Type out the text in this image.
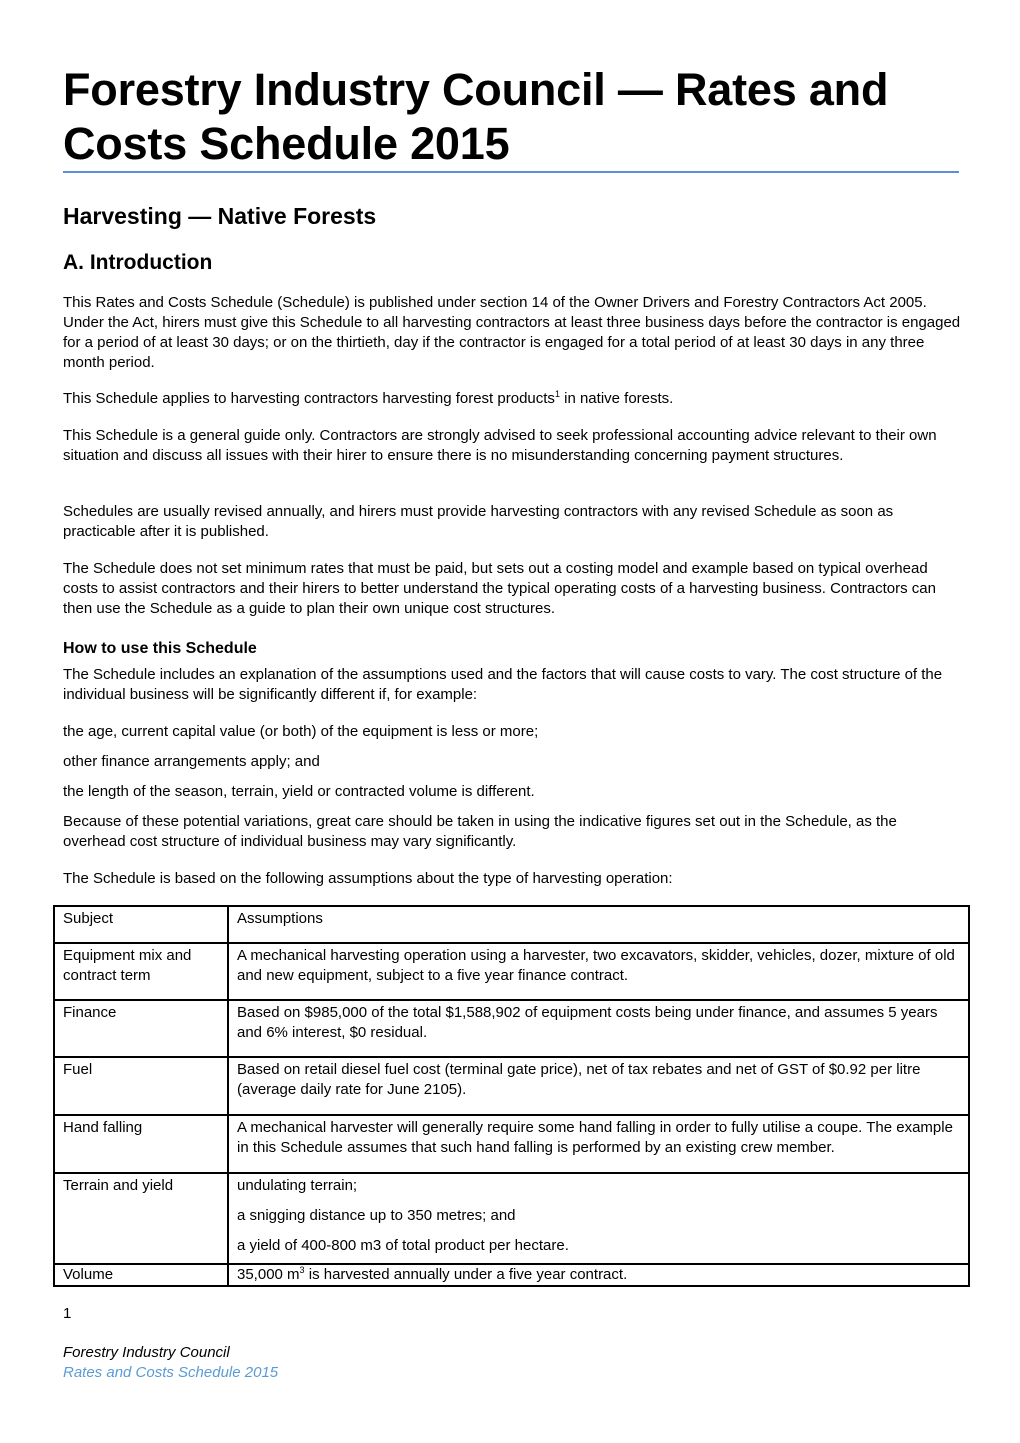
Forestry Industry Council — Rates and Costs Schedule 2015
Harvesting — Native Forests
A. Introduction

This Rates and Costs Schedule (Schedule) is published under section 14 of the Owner Drivers and Forestry Contractors Act 2005. Under the Act, hirers must give this Schedule to all harvesting contractors at least three business days before the contractor is engaged for a period of at least 30 days; or on the thirtieth, day if the contractor is engaged for a total period of at least 30 days in any three month period.

This Schedule applies to harvesting contractors harvesting forest products$^1$ in native forests.

This Schedule is a general guide only. Contractors are strongly advised to seek professional accounting advice relevant to their own situation and discuss all issues with their hirer to ensure there is no misunderstanding concerning payment structures.

Schedules are usually revised annually, and hirers must provide harvesting contractors with any revised Schedule as soon as practicable after it is published.

The Schedule does not set minimum rates that must be paid, but sets out a costing model and example based on typical overhead costs to assist contractors and their hirers to better understand the typical operating costs of a harvesting business. Contractors can then use the Schedule as a guide to plan their own unique cost structures.

How to use this Schedule

The Schedule includes an explanation of the assumptions used and the factors that will cause costs to vary. The cost structure of the individual business will be significantly different if, for example:

the age, current capital value (or both) of the equipment is less or more;

other finance arrangements apply; and

the length of the season, terrain, yield or contracted volume is different.

Because of these potential variations, great care should be taken in using the indicative figures set out in the Schedule, as the overhead cost structure of individual business may vary significantly.

The Schedule is based on the following assumptions about the type of harvesting operation:

Subject	Assumptions
Equipment mix and contract term	A mechanical harvesting operation using a harvester, two excavators, skidder, vehicles, dozer, mixture of old and new equipment, subject to a five year finance contract.
Finance	Based on $985,000 of the total $1,588,902 of equipment costs being under finance, and assumes 5 years and 6% interest, $0 residual.
Fuel	Based on retail diesel fuel cost (terminal gate price), net of tax rebates and net of GST of $0.92 per litre (average daily rate for June 2105).
Hand falling	A mechanical harvester will generally require some hand falling in order to fully utilise a coupe. The example in this Schedule assumes that such hand falling is performed by an existing crew member.
Terrain and yield	undulating terrain;
a snigging distance up to 350 metres; and
a yield of 400-800 m3 of total product per hectare.

Volume	35,000 $m^3$ is harvested annually under a five year contract.
1
Forestry Industry Council
Rates and Costs Schedule 2015
